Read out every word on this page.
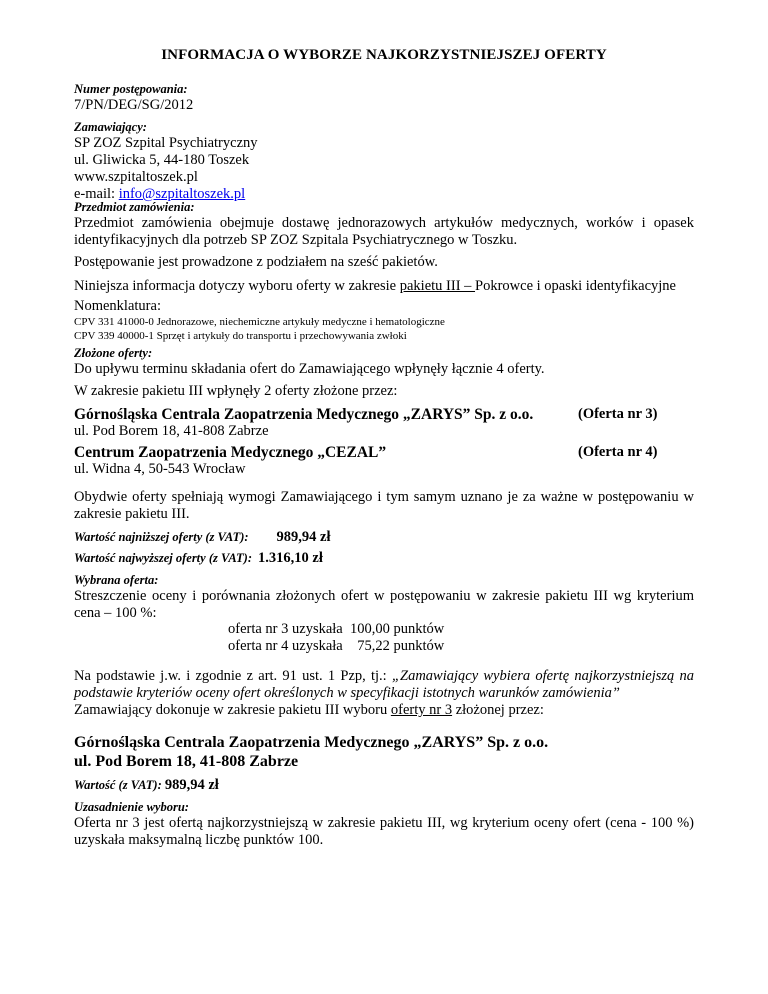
INFORMACJA O WYBORZE NAJKORZYSTNIEJSZEJ OFERTY
Numer postępowania:
7/PN/DEG/SG/2012
Zamawiający:
SP ZOZ Szpital Psychiatryczny
ul. Gliwicka 5, 44-180 Toszek
www.szpitaltoszek.pl
e-mail: info@szpitaltoszek.pl
Przedmiot zamówienia:
Przedmiot zamówienia obejmuje dostawę jednorazowych artykułów medycznych, worków i opasek identyfikacyjnych dla potrzeb SP ZOZ Szpitala Psychiatrycznego w Toszku.
Postępowanie jest prowadzone z podziałem na sześć pakietów.
Niniejsza informacja dotyczy wyboru oferty w zakresie pakietu III – Pokrowce i opaski identyfikacyjne
Nomenklatura:
CPV 331 41000-0 Jednorazowe, niechemiczne artykuły medyczne i hematologiczne
CPV 339 40000-1 Sprzęt i artykuły do transportu i przechowywania zwłoki
Złożone oferty:
Do upływu terminu składania ofert do Zamawiającego wpłynęły łącznie 4 oferty.
W zakresie pakietu III wpłynęły 2 oferty złożone przez:
Górnośląska Centrala Zaopatrzenia Medycznego „ZARYS” Sp. z o.o.
ul. Pod Borem 18, 41-808 Zabrze
(Oferta nr 3)
Centrum Zaopatrzenia Medycznego „CEZAL”
ul. Widna 4, 50-543 Wrocław
(Oferta nr 4)
Obydwie oferty spełniają wymogi Zamawiającego i tym samym uznano je za ważne w postępowaniu w zakresie pakietu III.
Wartość najniższej oferty (z VAT): 989,94 zł
Wartość najwyższej oferty (z VAT): 1.316,10 zł
Wybrana oferta:
Streszczenie oceny i porównania złożonych ofert w postępowaniu w zakresie pakietu III wg kryterium cena – 100 %:
oferta nr 3 uzyskała  100,00 punktów
oferta nr 4 uzyskała    75,22 punktów
Na podstawie j.w. i zgodnie z art. 91 ust. 1 Pzp, tj.: „Zamawiający wybiera ofertę najkorzystniejszą na podstawie kryteriów oceny ofert określonych w specyfikacji istotnych warunków zamówienia”
Zamawiający dokonuje w zakresie pakietu III wyboru oferty nr 3 złożonej przez:
Górnośląska Centrala Zaopatrzenia Medycznego „ZARYS” Sp. z o.o.
ul. Pod Borem 18, 41-808 Zabrze
Wartość (z VAT): 989,94 zł
Uzasadnienie wyboru:
Oferta nr 3 jest ofertą najkorzystniejszą w zakresie pakietu III, wg kryterium oceny ofert (cena - 100 %) uzyskała maksymalną liczbę punktów 100.
